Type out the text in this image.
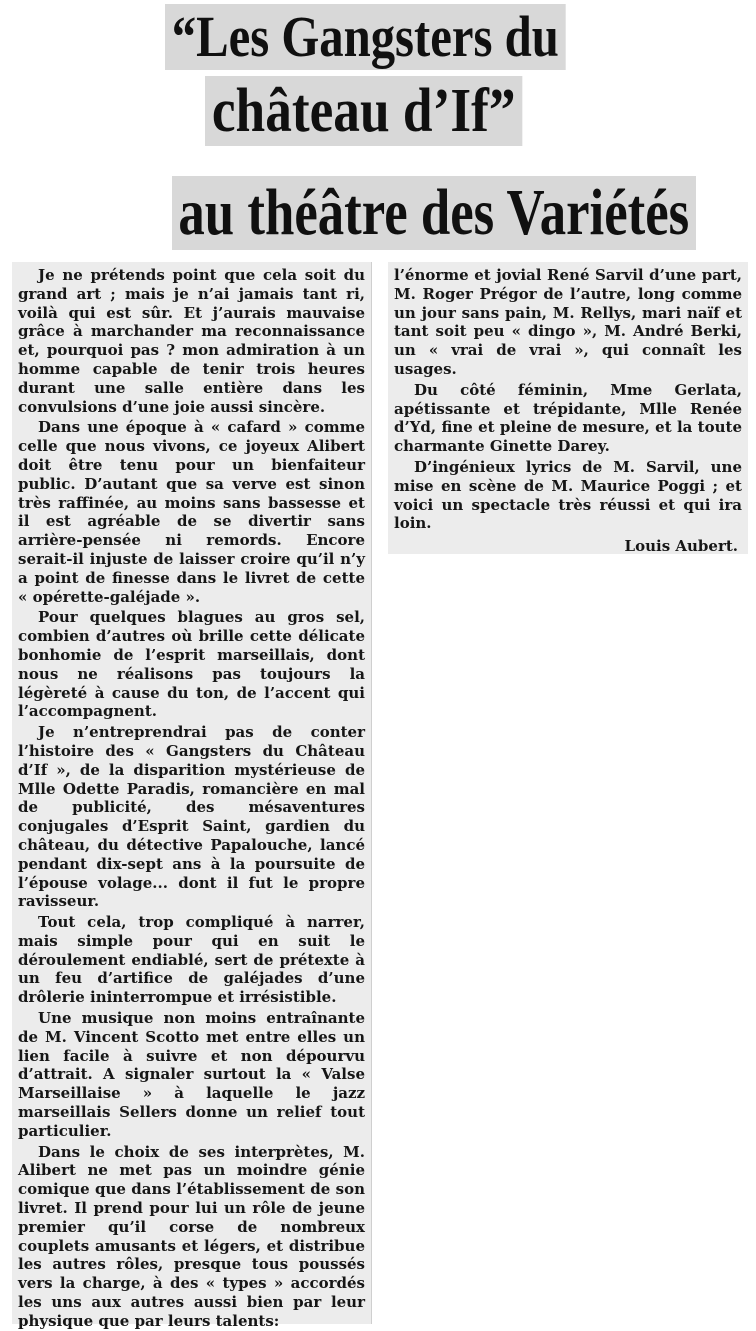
“Les Gangsters du
château d’If”
au théâtre des Variétés

Je ne prétends point que cela soit du grand art ; mais je n’ai jamais tant ri, voilà qui est sûr. Et j’aurais mauvaise grâce à marchander ma reconnaissance et, pourquoi pas ? mon admiration à un homme capable de tenir trois heures durant une salle entière dans les convulsions d’une joie aussi sincère.

Dans une époque à « cafard » comme celle que nous vivons, ce joyeux Alibert doit être tenu pour un bienfaiteur public. D’autant que sa verve est sinon très raffinée, au moins sans bassesse et il est agréable de se divertir sans arrière-pensée ni remords. Encore serait-il injuste de laisser croire qu’il n’y a point de finesse dans le livret de cette « opérette-galéjade ».

Pour quelques blagues au gros sel, combien d’autres où brille cette délicate bonhomie de l’esprit marseillais, dont nous ne réalisons pas toujours la légèreté à cause du ton, de l’accent qui l’accompagnent.

Je n’entreprendrai pas de conter l’histoire des « Gangsters du Château d’If », de la disparition mystérieuse de Mlle Odette Paradis, romancière en mal de publicité, des mésaventures conjugales d’Esprit Saint, gardien du château, du détective Papalouche, lancé pendant dix-sept ans à la poursuite de l’épouse volage... dont il fut le propre ravisseur.

Tout cela, trop compliqué à narrer, mais simple pour qui en suit le déroulement endiablé, sert de prétexte à un feu d’artifice de galéjades d’une drôlerie ininterrompue et irrésistible.

Une musique non moins entraînante de M. Vincent Scotto met entre elles un lien facile à suivre et non dépourvu d’attrait. A signaler surtout la « Valse Marseillaise » à laquelle le jazz marseillais Sellers donne un relief tout particulier.

Dans le choix de ses interprètes, M. Alibert ne met pas un moindre génie comique que dans l’établissement de son livret. Il prend pour lui un rôle de jeune premier qu’il corse de nombreux couplets amusants et légers, et distribue les autres rôles, presque tous poussés vers la charge, à des « types » accordés les uns aux autres aussi bien par leur physique que par leurs talents:

l’énorme et jovial René Sarvil d’une part, M. Roger Prégor de l’autre, long comme un jour sans pain, M. Rellys, mari naïf et tant soit peu « dingo », M. André Berki, un « vrai de vrai », qui connaît les usages.

Du côté féminin, Mme Gerlata, apétissante et trépidante, Mlle Renée d’Yd, fine et pleine de mesure, et la toute charmante Ginette Darey.

D’ingénieux lyrics de M. Sarvil, une mise en scène de M. Maurice Poggi ; et voici un spectacle très réussi et qui ira loin.

Louis Aubert.
